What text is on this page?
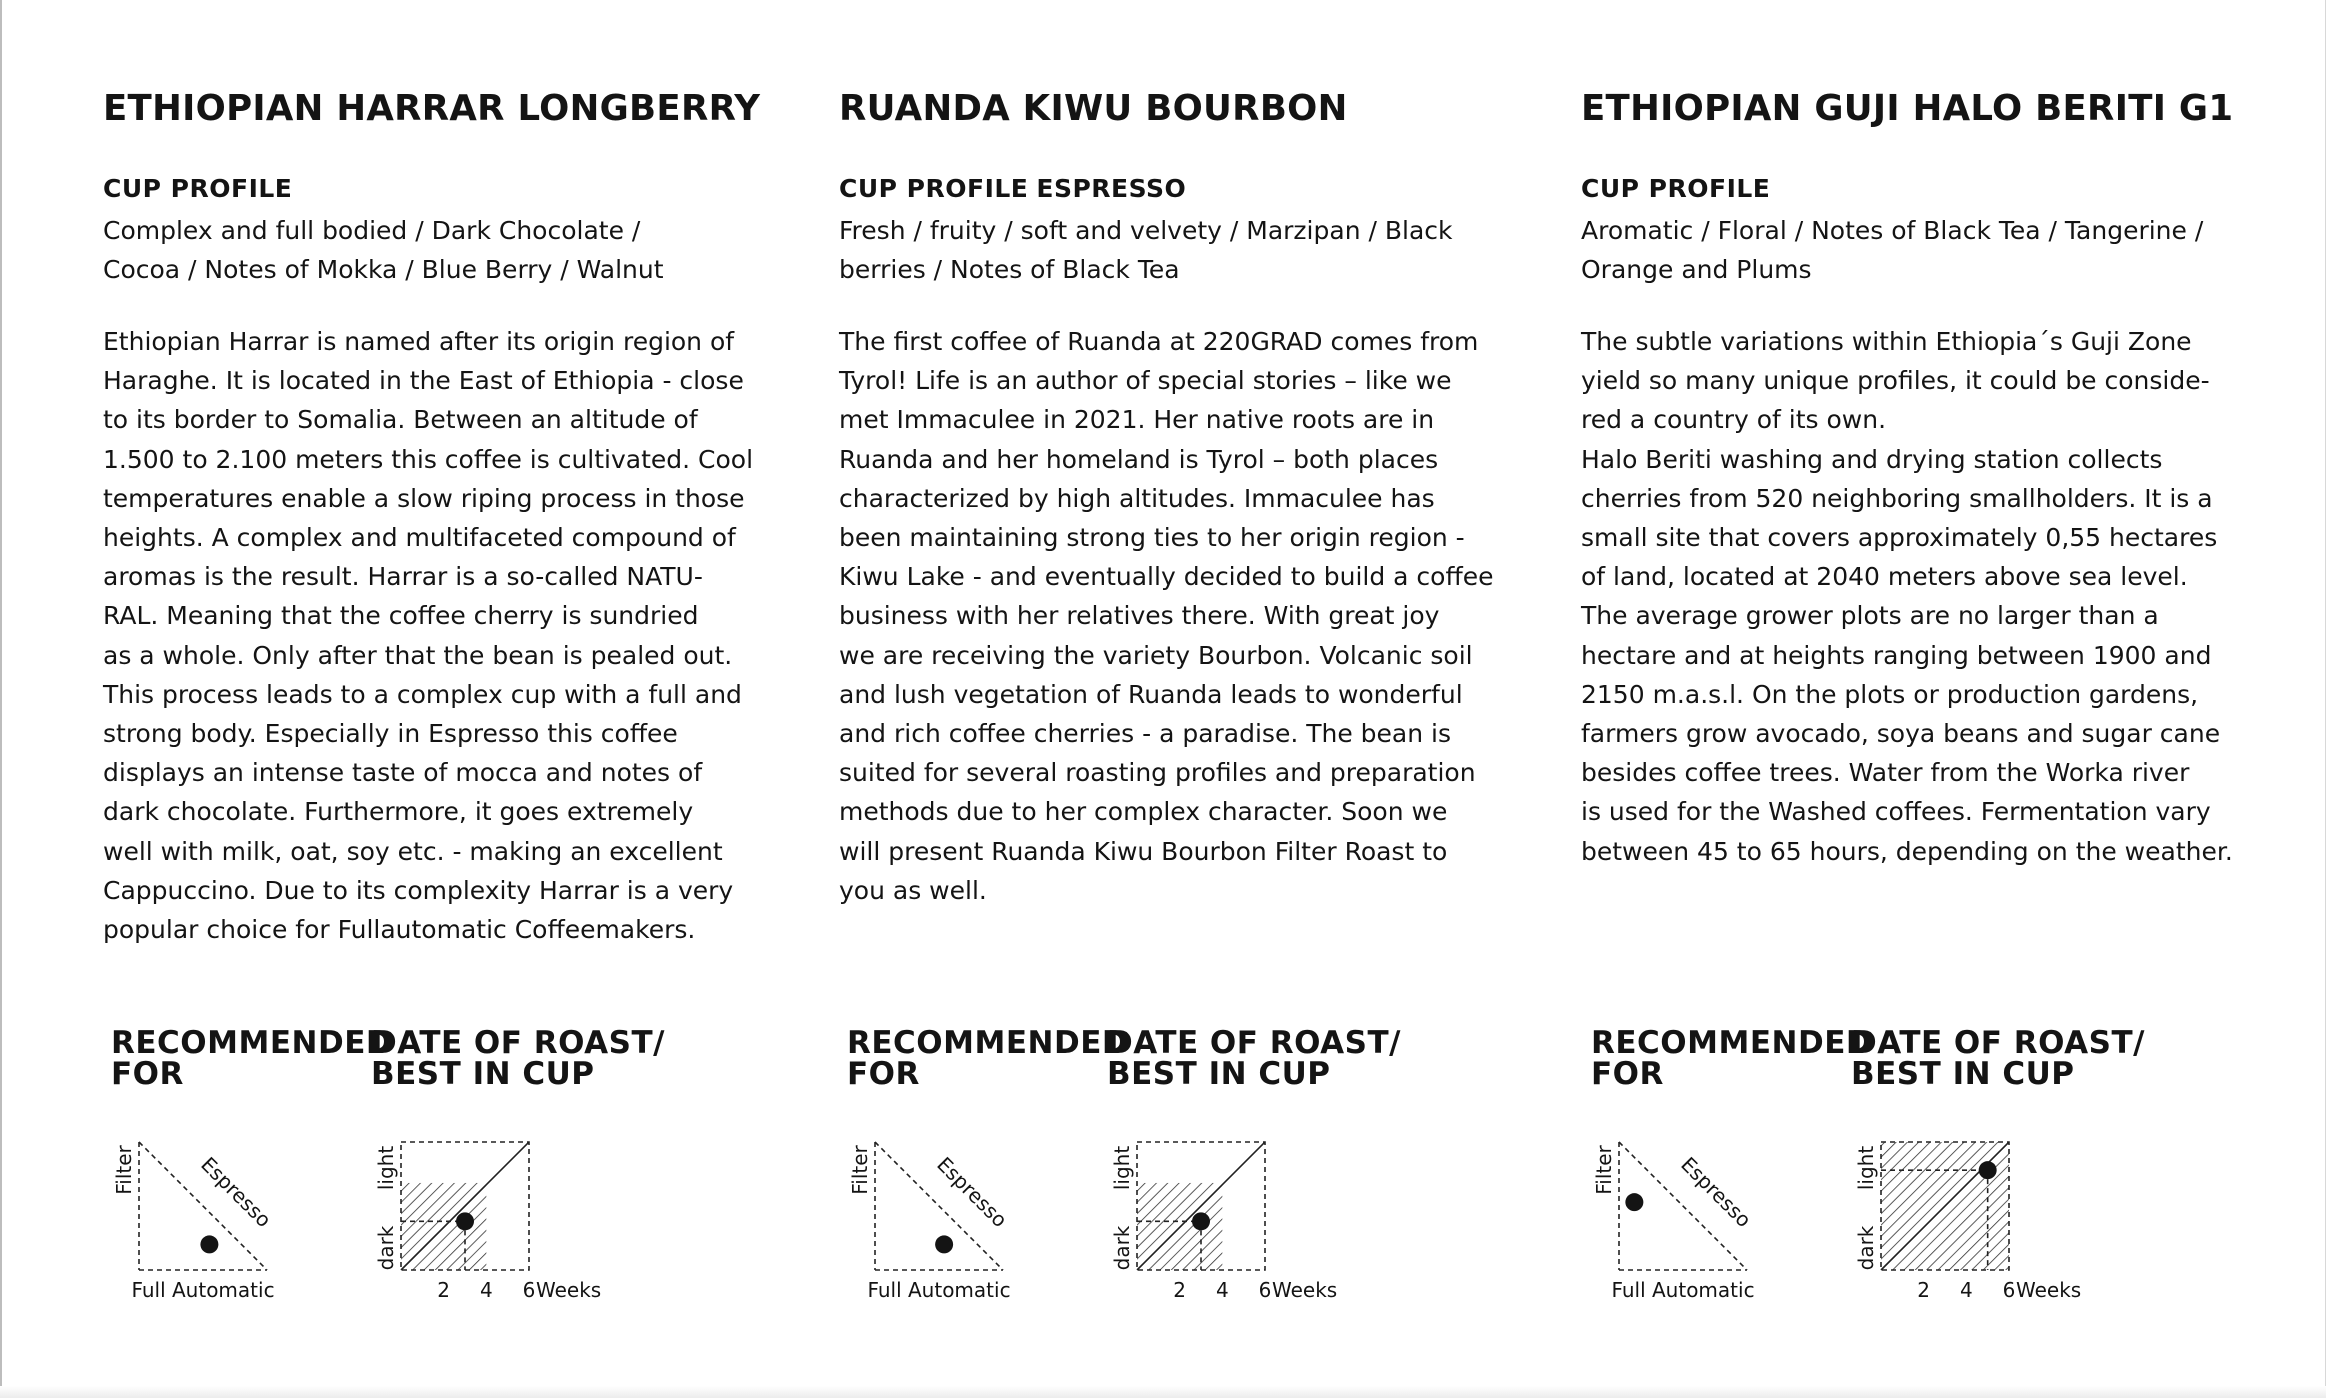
ETHIOPIAN HARRAR LONGBERRY
CUP PROFILE
Complex and full bodied / Dark Chocolate /
Cocoa / Notes of Mokka / Blue Berry / Walnut
Ethiopian Harrar is named after its origin region of
Haraghe. It is located in the East of Ethiopia - close
to its border to Somalia. Between an altitude of
1.500 to 2.100 meters this coffee is cultivated. Cool
temperatures enable a slow riping process in those
heights. A complex and multifaceted compound of
aromas is the result. Harrar is a so-called NATU-
RAL. Meaning that the coffee cherry is sundried
as a whole. Only after that the bean is pealed out.
This process leads to a complex cup with a full and
strong body. Especially in Espresso this coffee
displays an intense taste of mocca and notes of
dark chocolate. Furthermore, it goes extremely
well with milk, oat, soy etc. - making an excellent
Cappuccino. Due to its complexity Harrar is a very
popular choice for Fullautomatic Coffeemakers.
RECOMMENDED
FOR
DATE OF ROAST/
BEST IN CUP
Filter	Espresso
Full Automatic
light
dark
2 4 6 Weeks
RUANDA KIWU BOURBON
CUP PROFILE ESPRESSO
Fresh / fruity / soft and velvety / Marzipan / Black
berries / Notes of Black Tea
The first coffee of Ruanda at 220GRAD comes from
Tyrol! Life is an author of special stories – like we
met Immaculee in 2021. Her native roots are in
Ruanda and her homeland is Tyrol – both places
characterized by high altitudes. Immaculee has
been maintaining strong ties to her origin region -
Kiwu Lake - and eventually decided to build a coffee
business with her relatives there. With great joy
we are receiving the variety Bourbon. Volcanic soil
and lush vegetation of Ruanda leads to wonderful
and rich coffee cherries - a paradise. The bean is
suited for several roasting profiles and preparation
methods due to her complex character. Soon we
will present Ruanda Kiwu Bourbon Filter Roast to
you as well.
RECOMMENDED
FOR
DATE OF ROAST/
BEST IN CUP
Filter	Espresso
Full Automatic
light
dark
2 4 6 Weeks
ETHIOPIAN GUJI HALO BERITI G1
CUP PROFILE
Aromatic / Floral / Notes of Black Tea / Tangerine /
Orange and Plums
The subtle variations within Ethiopia´s Guji Zone
yield so many unique profiles, it could be conside-
red a country of its own.
Halo Beriti washing and drying station collects
cherries from 520 neighboring smallholders. It is a
small site that covers approximately 0,55 hectares
of land, located at 2040 meters above sea level.
The average grower plots are no larger than a
hectare and at heights ranging between 1900 and
2150 m.a.s.l. On the plots or production gardens,
farmers grow avocado, soya beans and sugar cane
besides coffee trees. Water from the Worka river
is used for the Washed coffees. Fermentation vary
between 45 to 65 hours, depending on the weather.
RECOMMENDED
FOR
DATE OF ROAST/
BEST IN CUP
Filter	Espresso
Full Automatic
light
dark
2 4 6 Weeks
